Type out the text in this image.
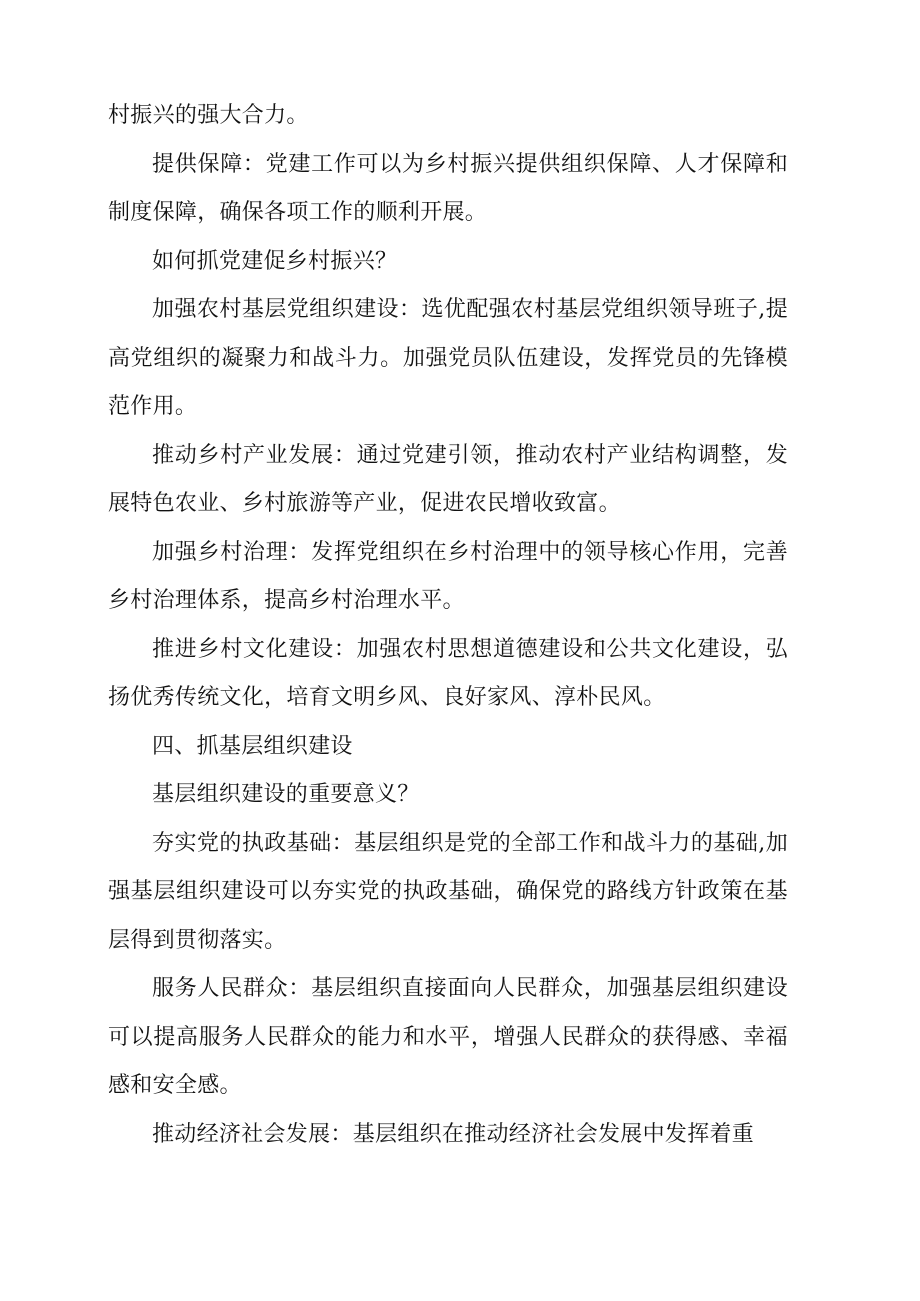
村振兴的强大合力。

提供保障：党建工作可以为乡村振兴提供组织保障、人才保障和制度保障，确保各项工作的顺利开展。

如何抓党建促乡村振兴？

加强农村基层党组织建设：选优配强农村基层党组织领导班子,提高党组织的凝聚力和战斗力。加强党员队伍建设，发挥党员的先锋模范作用。

推动乡村产业发展：通过党建引领，推动农村产业结构调整，发展特色农业、乡村旅游等产业，促进农民增收致富。

加强乡村治理：发挥党组织在乡村治理中的领导核心作用，完善乡村治理体系，提高乡村治理水平。

推进乡村文化建设：加强农村思想道德建设和公共文化建设，弘扬优秀传统文化，培育文明乡风、良好家风、淳朴民风。

四、抓基层组织建设

基层组织建设的重要意义？

夯实党的执政基础：基层组织是党的全部工作和战斗力的基础,加强基层组织建设可以夯实党的执政基础，确保党的路线方针政策在基层得到贯彻落实。

服务人民群众：基层组织直接面向人民群众，加强基层组织建设可以提高服务人民群众的能力和水平，增强人民群众的获得感、幸福感和安全感。

推动经济社会发展：基层组织在推动经济社会发展中发挥着重
